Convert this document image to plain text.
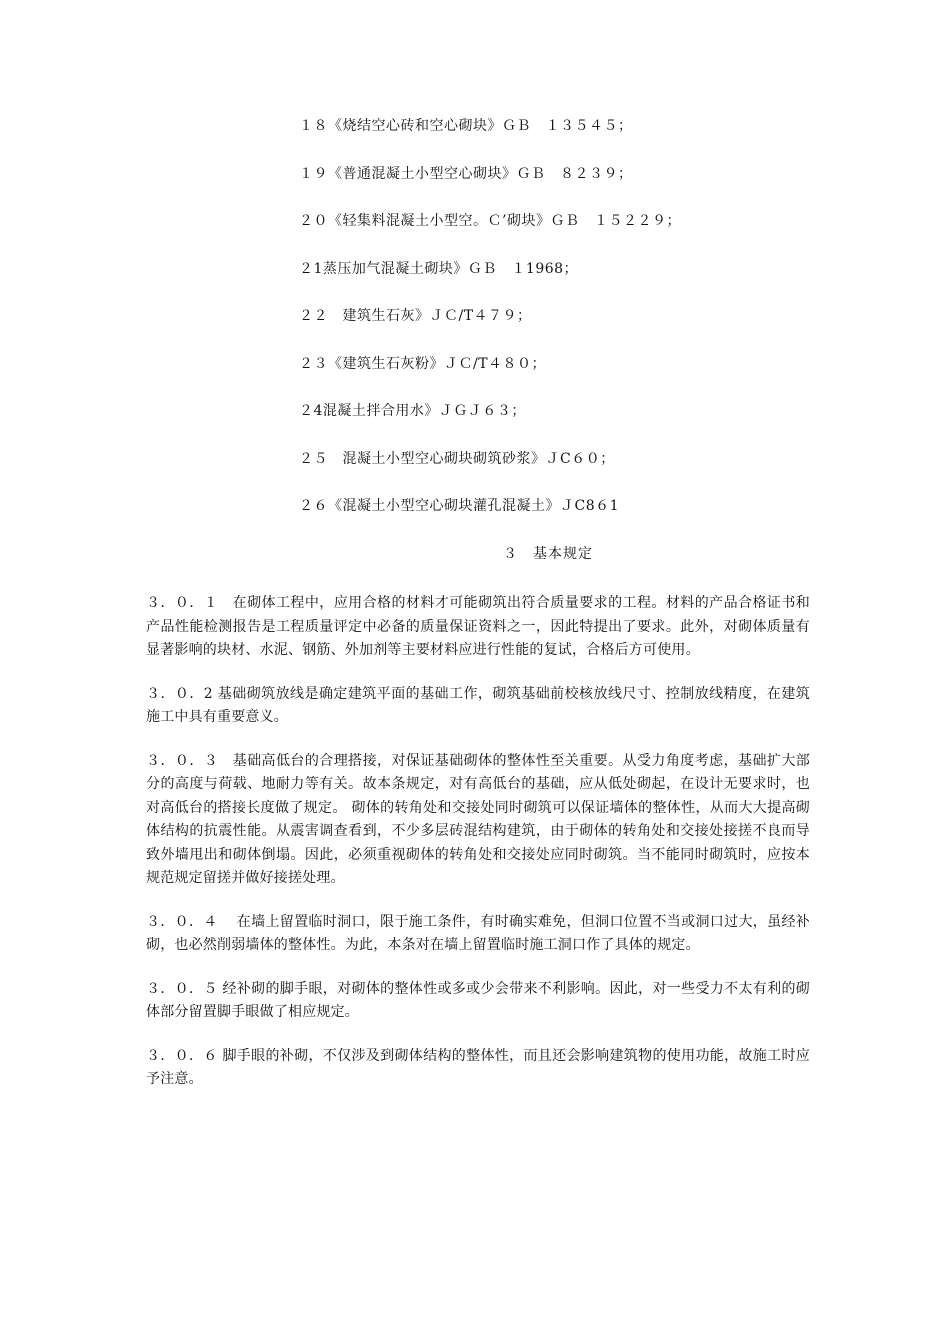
１８《烧结空心砖和空心砌块》ＧＢ　１３５４５；
１９《普通混凝土小型空心砌块》ＧＢ　８２３９；
２０《轻集料混凝土小型空。Ｃ’砌块》ＧＢ　１５２２９；
２1蒸压加气混凝土砌块》ＧＢ　１1968；
２２　建筑生石灰》ＪＣ/T４７９；
２３《建筑生石灰粉》ＪＣ/T４８０；
２4混凝土拌合用水》ＪＧＪ６３；
２５　混凝土小型空心砌块砌筑砂浆》ＪC６０；
２６《混凝土小型空心砌块灌孔混凝土》ＪC8６1
３　基本规定

３．０．１　在砌体工程中，应用合格的材料才可能砌筑出符合质量要求的工程。材料的产品合格证书和产品性能检测报告是工程质量评定中必备的质量保证资料之一，因此特提出了要求。此外，对砌体质量有显著影响的块材、水泥、钢筋、外加剂等主要材料应进行性能的复试，合格后方可使用。

３．０．2 基础砌筑放线是确定建筑平面的基础工作，砌筑基础前校核放线尺寸、控制放线精度，在建筑施工中具有重要意义。

３．０．３　基础高低台的合理搭接，对保证基础砌体的整体性至关重要。从受力角度考虑，基础扩大部分的高度与荷载、地耐力等有关。故本条规定，对有高低台的基础，应从低处砌起，在设计无要求时，也对高低台的搭接长度做了规定。 砌体的转角处和交接处同时砌筑可以保证墙体的整体性，从而大大提高砌体结构的抗震性能。从震害调查看到，不少多层砖混结构建筑，由于砌体的转角处和交接处接搓不良而导致外墙甩出和砌体倒塌。因此，必须重视砌体的转角处和交接处应同时砌筑。当不能同时砌筑时，应按本规范规定留搓并做好接搓处理。

３．０．４　 在墙上留置临时洞口，限于施工条件，有时确实难免，但洞口位置不当或洞口过大，虽经补砌，也必然削弱墙体的整体性。为此，本条对在墙上留置临时施工洞口作了具体的规定。

３．０．５ 经补砌的脚手眼，对砌体的整体性或多或少会带来不利影响。因此，对一些受力不太有利的砌体部分留置脚手眼做了相应规定。

３．０．６ 脚手眼的补砌，不仅涉及到砌体结构的整体性，而且还会影响建筑物的使用功能，故施工时应予注意。
